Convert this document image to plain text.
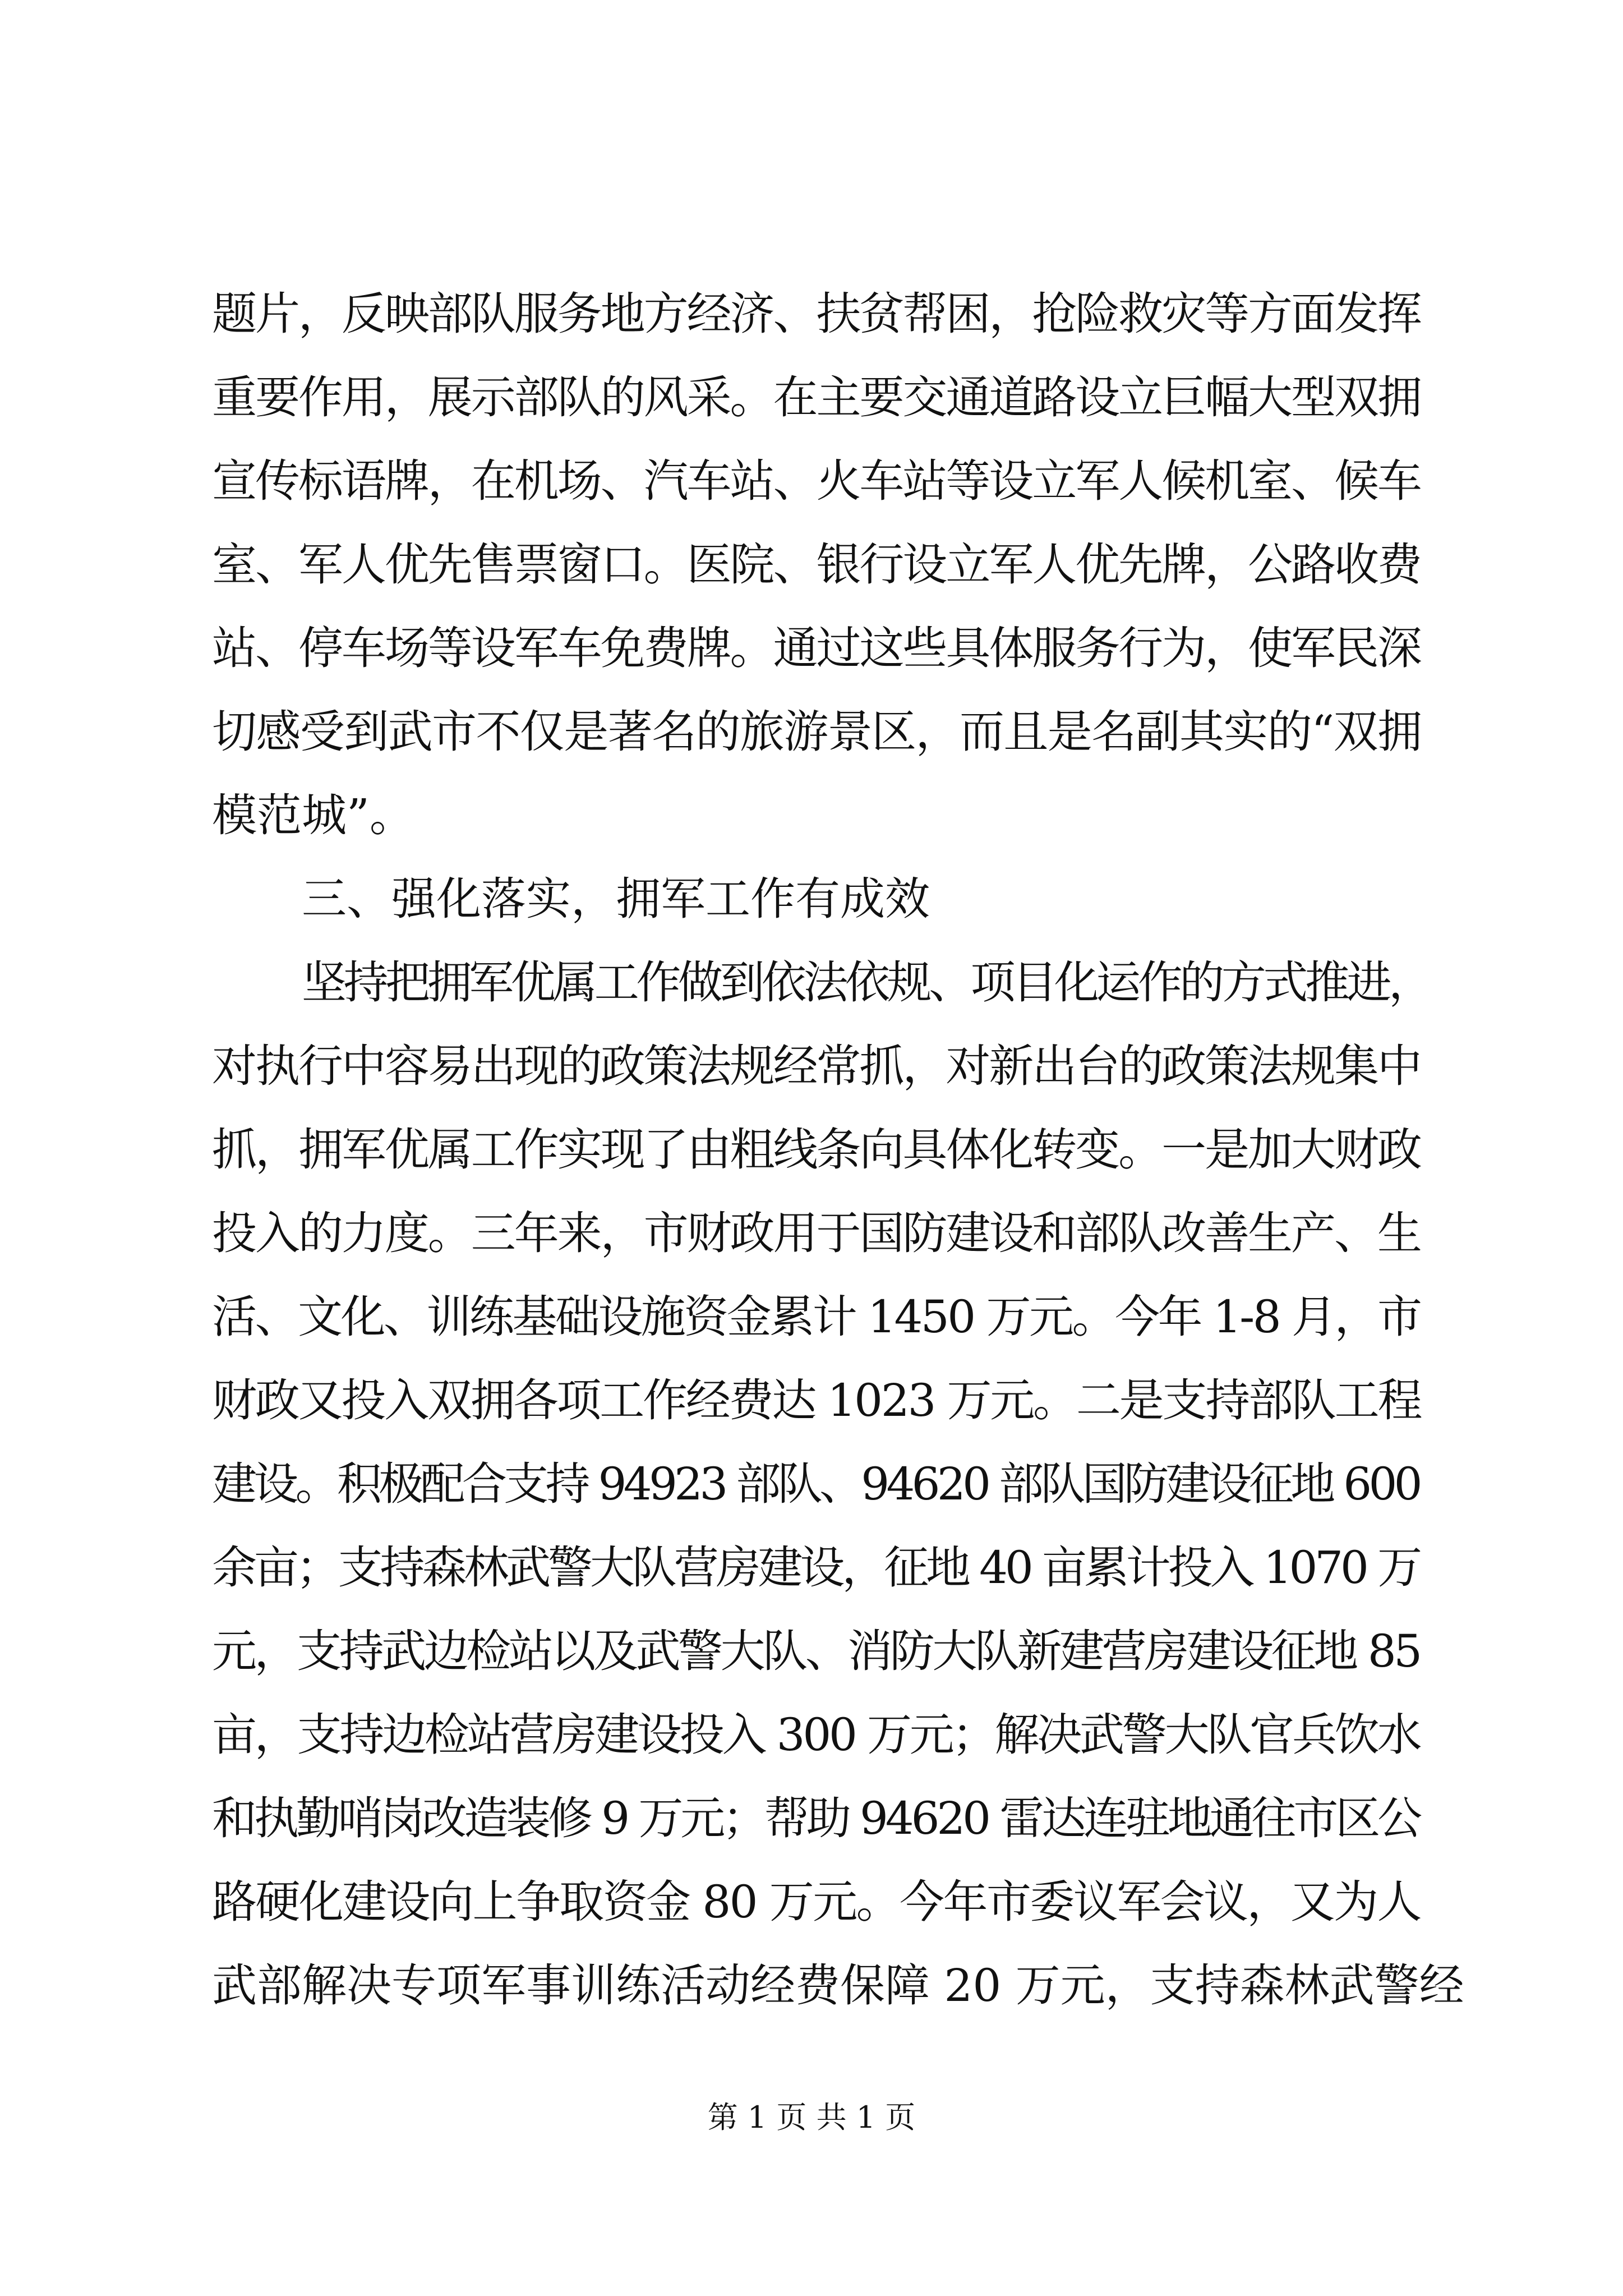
题片，反映部队服务地方经济、扶贫帮困，抢险救灾等方面发挥
重要作用，展示部队的风采。在主要交通道路设立巨幅大型双拥
宣传标语牌，在机场、汽车站、火车站等设立军人候机室、候车
室、军人优先售票窗口。医院、银行设立军人优先牌，公路收费
站、停车场等设军车免费牌。通过这些具体服务行为，使军民深
切感受到武市不仅是著名的旅游景区，而且是名副其实的“双拥
模范城”。
三、强化落实，拥军工作有成效
坚持把拥军优属工作做到依法依规、项目化运作的方式推进，
对执行中容易出现的政策法规经常抓，对新出台的政策法规集中
抓，拥军优属工作实现了由粗线条向具体化转变。一是加大财政
投入的力度。三年来，市财政用于国防建设和部队改善生产、生
活、文化、训练基础设施资金累计 1450 万元。今年 1-8 月，市
财政又投入双拥各项工作经费达 1023 万元。二是支持部队工程
建设。积极配合支持 94923 部队、94620 部队国防建设征地 600
余亩；支持森林武警大队营房建设，征地 40 亩累计投入 1070 万
元，支持武边检站以及武警大队、消防大队新建营房建设征地 85
亩，支持边检站营房建设投入 300 万元；解决武警大队官兵饮水
和执勤哨岗改造装修 9 万元；帮助 94620 雷达连驻地通往市区公
路硬化建设向上争取资金 80 万元。今年市委议军会议，又为人
武部解决专项军事训练活动经费保障 20 万元，支持森林武警经
第 1 页 共 1 页
